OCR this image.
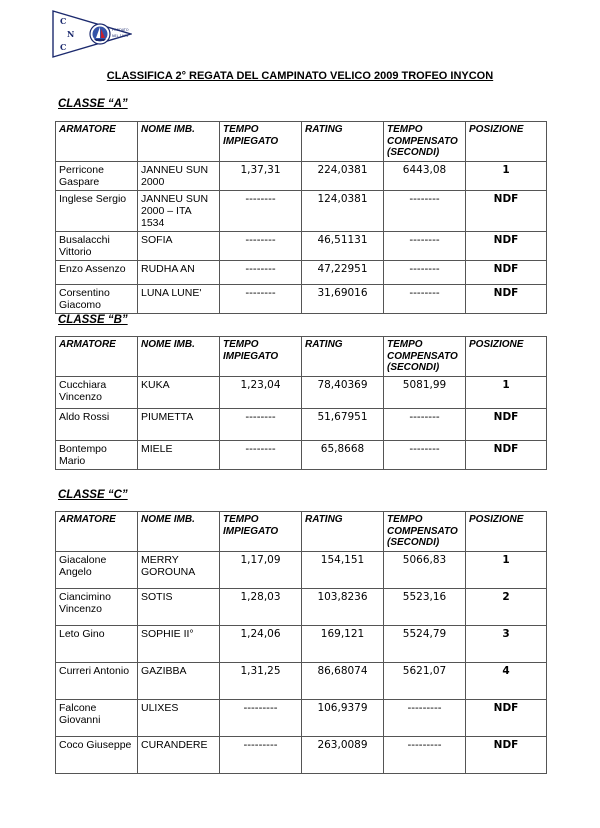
C
N
C
FONDATO
NEL 1975
CLASSIFICA 2° REGATA DEL CAMPINATO VELICO 2009 TROFEO INYCON
CLASSE “A”
ARMATORE	NOME IMB.	TEMPO IMPIEGATO	RATING	TEMPO COMPENSATO (SECONDI)	POSIZIONE
Perricone Gaspare	JANNEU SUN 2000	1,37,31	224,0381	6443,08	1
Inglese Sergio	JANNEU SUN 2000 – ITA 1534	--------	124,0381	--------	NDF
Busalacchi Vittorio	SOFIA	--------	46,51131	--------	NDF
Enzo Assenzo	RUDHA AN	--------	47,22951	--------	NDF
Corsentino Giacomo	LUNA LUNE'	--------	31,69016	--------	NDF
CLASSE “B”
ARMATORE	NOME IMB.	TEMPO IMPIEGATO	RATING	TEMPO COMPENSATO (SECONDI)	POSIZIONE
Cucchiara Vincenzo	KUKA	1,23,04	78,40369	5081,99	1
Aldo Rossi	PIUMETTA	--------	51,67951	--------	NDF
Bontempo Mario	MIELE	--------	65,8668	--------	NDF
CLASSE “C”
ARMATORE	NOME IMB.	TEMPO IMPIEGATO	RATING	TEMPO COMPENSATO (SECONDI)	POSIZIONE
Giacalone Angelo	MERRY GOROUNA	1,17,09	154,151	5066,83	1
Ciancimino Vincenzo	SOTIS	1,28,03	103,8236	5523,16	2
Leto Gino	SOPHIE II°	1,24,06	169,121	5524,79	3
Curreri Antonio	GAZIBBA	1,31,25	86,68074	5621,07	4
Falcone Giovanni	ULIXES	---------	106,9379	---------	NDF
Coco Giuseppe	CURANDERE	---------	263,0089	---------	NDF
